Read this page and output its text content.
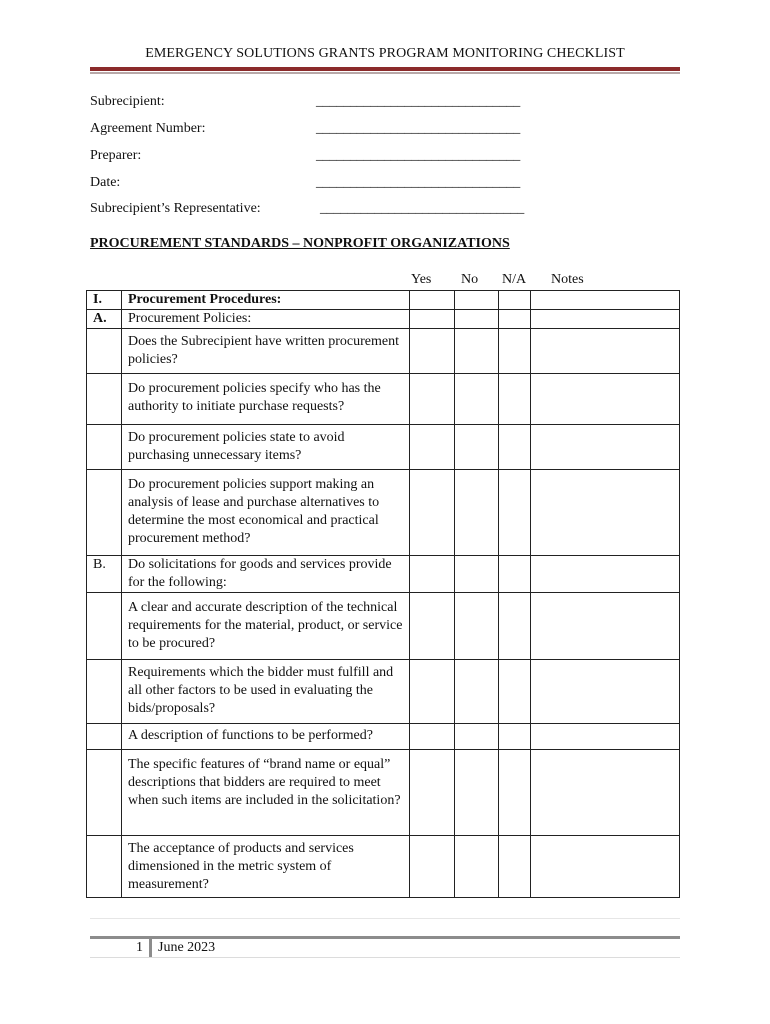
EMERGENCY SOLUTIONS GRANTS PROGRAM MONITORING CHECKLIST
Subrecipient:	______________________________
Agreement Number:	______________________________
Preparer:	______________________________
Date:	______________________________
Subrecipient’s Representative:	______________________________
PROCUREMENT STANDARDS – NONPROFIT ORGANIZATIONS
Yes No N/A Notes
I.	Procurement Procedures:				
A.	Procurement Policies:				
	Does the Subrecipient have written procurement policies?				
	Do procurement policies specify who has the authority to initiate purchase requests?				
	Do procurement policies state to avoid purchasing unnecessary items?				
	Do procurement policies support making an analysis of lease and purchase alternatives to determine the most economical and practical procurement method?				
B.	Do solicitations for goods and services provide for the following:				
	A clear and accurate description of the technical requirements for the material, product, or service to be procured?				
	Requirements which the bidder must fulfill and all other factors to be used in evaluating the bids/proposals?				
	A description of functions to be performed?				
	The specific features of “brand name or equal” descriptions that bidders are required to meet when such items are included in the solicitation?				
	The acceptance of products and services dimensioned in the metric system of measurement?				
1 June 2023
